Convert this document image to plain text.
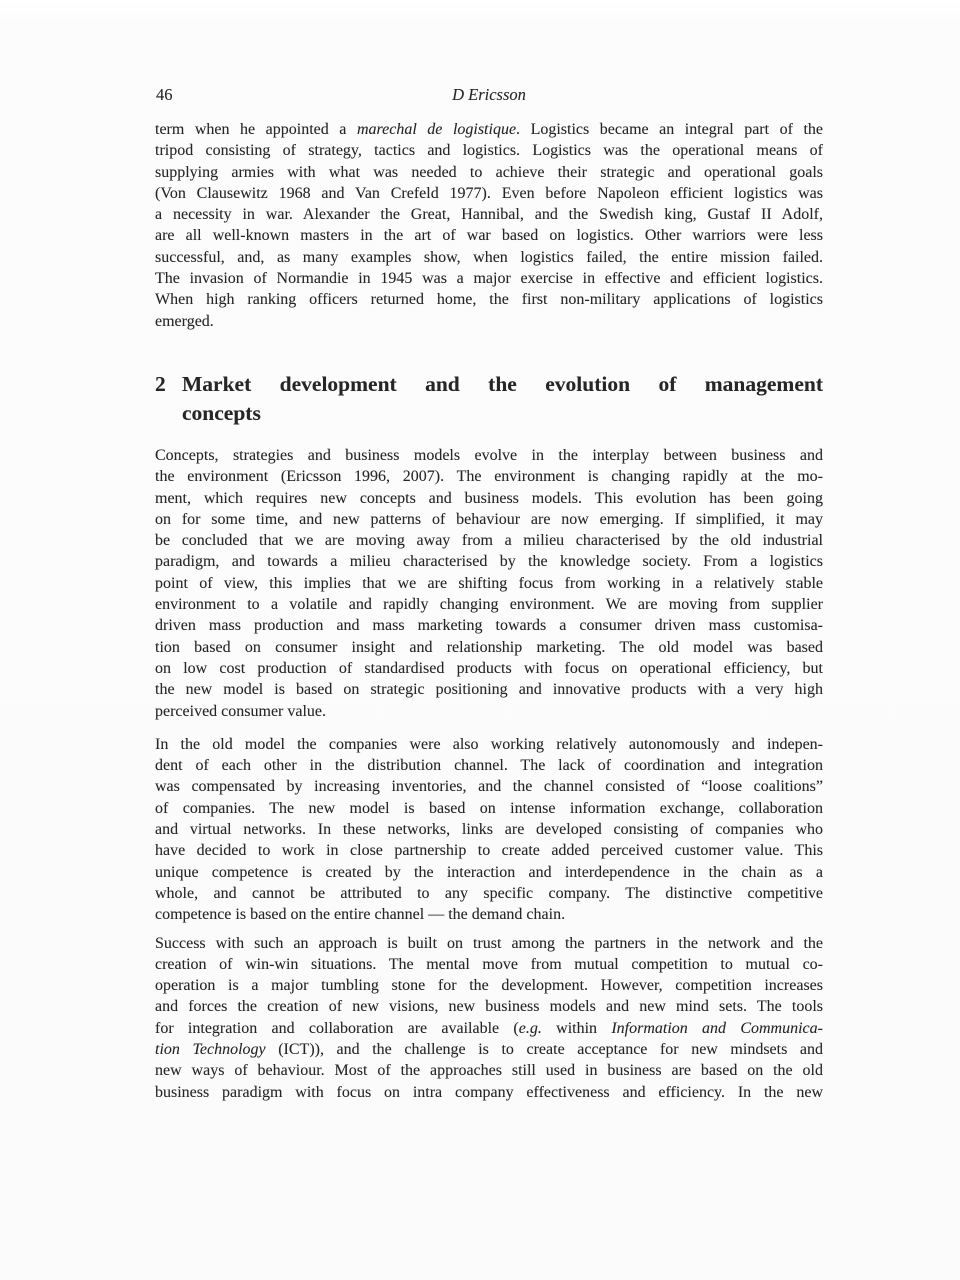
46	D Ericsson
term when he appointed a marechal de logistique. Logistics became an integral part of the
tripod consisting of strategy, tactics and logistics. Logistics was the operational means of
supplying armies with what was needed to achieve their strategic and operational goals
(Von Clausewitz 1968 and Van Crefeld 1977). Even before Napoleon efficient logistics was
a necessity in war. Alexander the Great, Hannibal, and the Swedish king, Gustaf II Adolf,
are all well-known masters in the art of war based on logistics. Other warriors were less
successful, and, as many examples show, when logistics failed, the entire mission failed.
The invasion of Normandie in 1945 was a major exercise in effective and efficient logistics.
When high ranking officers returned home, the first non-military applications of logistics
emerged.
2 Market development and the evolution of management
concepts
Concepts, strategies and business models evolve in the interplay between business and
the environment (Ericsson 1996, 2007). The environment is changing rapidly at the mo-
ment, which requires new concepts and business models. This evolution has been going
on for some time, and new patterns of behaviour are now emerging. If simplified, it may
be concluded that we are moving away from a milieu characterised by the old industrial
paradigm, and towards a milieu characterised by the knowledge society. From a logistics
point of view, this implies that we are shifting focus from working in a relatively stable
environment to a volatile and rapidly changing environment. We are moving from supplier
driven mass production and mass marketing towards a consumer driven mass customisa-
tion based on consumer insight and relationship marketing. The old model was based
on low cost production of standardised products with focus on operational efficiency, but
the new model is based on strategic positioning and innovative products with a very high
perceived consumer value.
In the old model the companies were also working relatively autonomously and indepen-
dent of each other in the distribution channel. The lack of coordination and integration
was compensated by increasing inventories, and the channel consisted of “loose coalitions”
of companies. The new model is based on intense information exchange, collaboration
and virtual networks. In these networks, links are developed consisting of companies who
have decided to work in close partnership to create added perceived customer value. This
unique competence is created by the interaction and interdependence in the chain as a
whole, and cannot be attributed to any specific company. The distinctive competitive
competence is based on the entire channel — the demand chain.
Success with such an approach is built on trust among the partners in the network and the
creation of win-win situations. The mental move from mutual competition to mutual co-
operation is a major tumbling stone for the development. However, competition increases
and forces the creation of new visions, new business models and new mind sets. The tools
for integration and collaboration are available (e.g. within Information and Communica-
tion Technology (ICT)), and the challenge is to create acceptance for new mindsets and
new ways of behaviour. Most of the approaches still used in business are based on the old
business paradigm with focus on intra company effectiveness and efficiency. In the new
